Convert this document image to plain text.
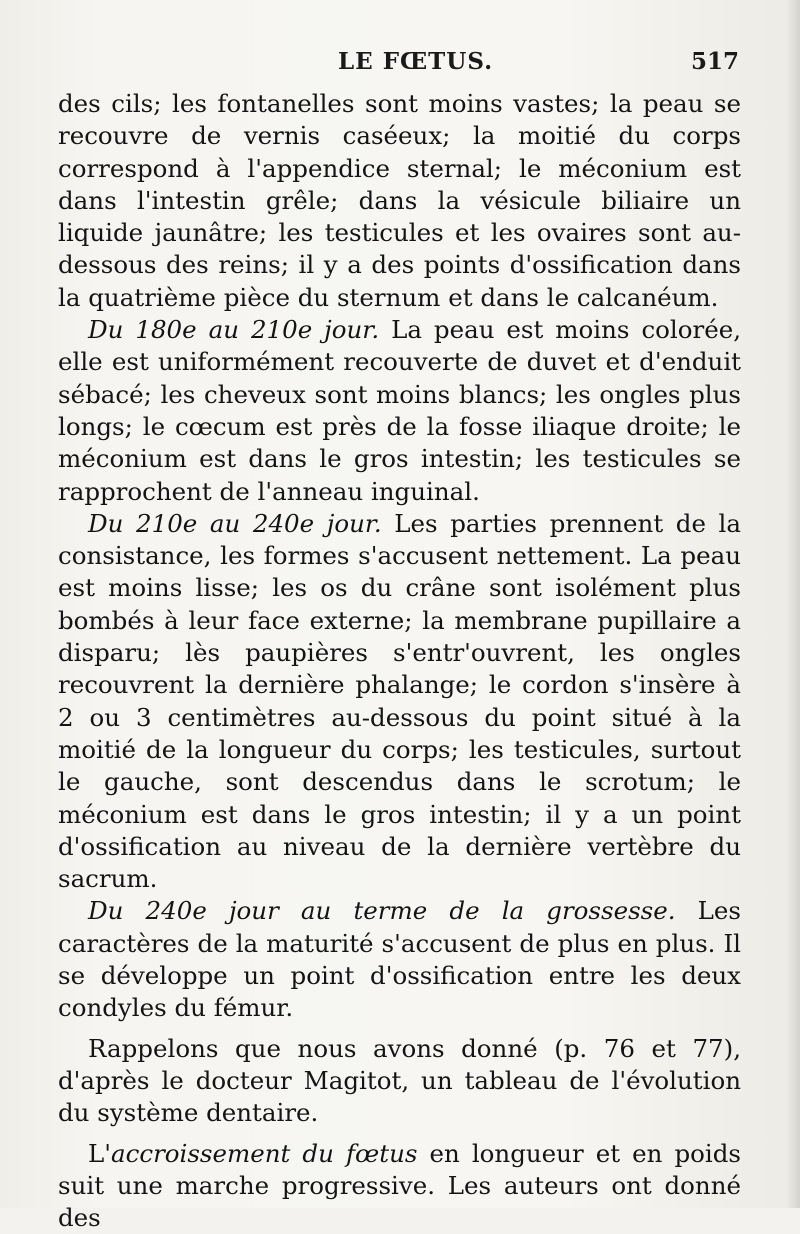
LE FŒTUS.	517

des cils; les fontanelles sont moins vastes; la peau se recouvre de vernis caséeux; la moitié du corps correspond à l'appendice sternal; le méconium est dans l'intestin grêle; dans la vésicule biliaire un liquide jaunâtre; les testicules et les ovaires sont au-dessous des reins; il y a des points d'ossification dans la quatrième pièce du sternum et dans le calcanéum.

Du 180e au 210e jour. La peau est moins colorée, elle est uniformément recouverte de duvet et d'enduit sébacé; les cheveux sont moins blancs; les ongles plus longs; le cœcum est près de la fosse iliaque droite; le méconium est dans le gros intestin; les testicules se rapprochent de l'anneau inguinal.

Du 210e au 240e jour. Les parties prennent de la consistance, les formes s'accusent nettement. La peau est moins lisse; les os du crâne sont isolément plus bombés à leur face externe; la membrane pupillaire a disparu; lès paupières s'entr'ouvrent, les ongles recouvrent la dernière phalange; le cordon s'insère à 2 ou 3 centimètres au-dessous du point situé à la moitié de la longueur du corps; les testicules, surtout le gauche, sont descendus dans le scrotum; le méconium est dans le gros intestin; il y a un point d'ossification au niveau de la dernière vertèbre du sacrum.

Du 240e jour au terme de la grossesse. Les caractères de la maturité s'accusent de plus en plus. Il se développe un point d'ossification entre les deux condyles du fémur.

Rappelons que nous avons donné (p. 76 et 77), d'après le docteur Magitot, un tableau de l'évolution du système dentaire.

L'accroissement du fœtus en longueur et en poids suit une marche progressive. Les auteurs ont donné des
